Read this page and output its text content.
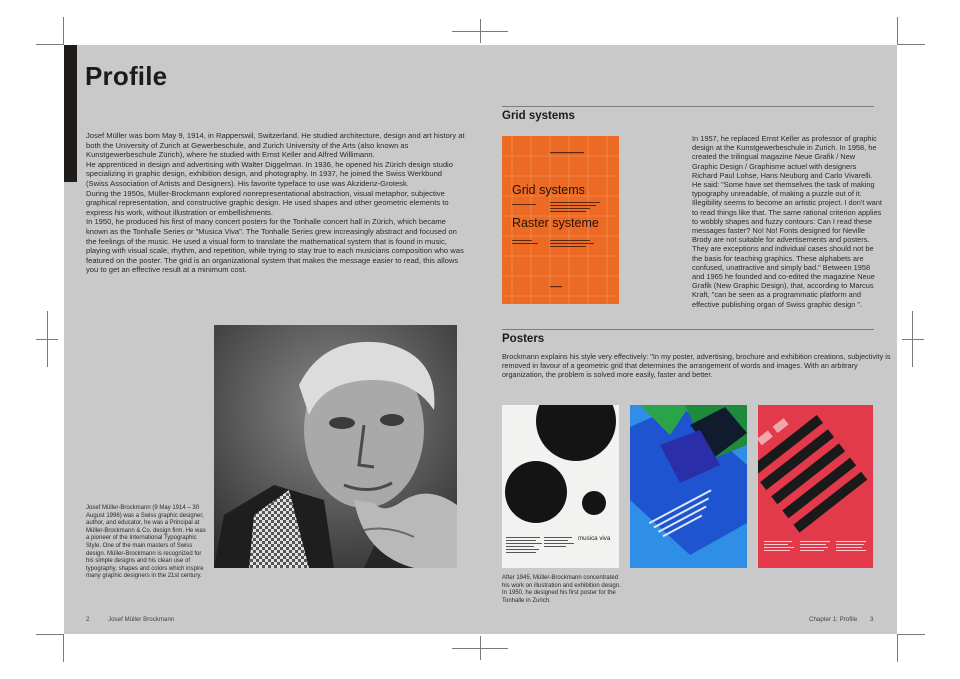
Profile

Josef Müller was born May 9, 1914, in Rapperswil, Switzerland. He studied architecture, design and art history at both the University of Zurich at Gewerbeschule, and Zurich University of the Arts (also known as Kunstgewerbeschule Zürich), where he studied with Ernst Keller and Alfred Willimann.

He apprenticed in design and advertising with Walter Diggelman. In 1936, he opened his Zürich design studio specializing in graphic design, exhibition design, and photography. In 1937, he joined the Swiss Werkbund (Swiss Association of Artists and Designers). His favorite typeface to use was Akzidenz-Grotesk.

During the 1950s, Müller-Brockmann explored nonrepresentational abstraction, visual metaphor, subjective graphical representation, and constructive graphic design. He used shapes and other geometric elements to express his work, without illustration or embellishments.

In 1950, he produced his first of many concert posters for the Tonhalle concert hall in Zürich, which became known as the Tonhalle Series or "Musica Viva". The Tonhalle Series grew increasingly abstract and focused on the feelings of the music. He used a visual form to translate the mathematical system that is found in music, playing with visual scale, rhythm, and repetition, while trying to stay true to each musicians composition who was featured on the poster. The grid is an organizational system that makes the message easier to read, this allows you to get an effective result at a minimum cost.

Josef Müller-Brockmann (9 May 1914 – 30 August 1996) was a Swiss graphic designer, author, and educator, he was a Principal at Müller-Brockmann & Co. design firm. He was a pioneer of the International Typographic Style. One of the main masters of Swiss design. Müller-Brockmann is recognized for his simple designs and his clean use of typography, shapes and colors which inspire many graphic designers in the 21st century.
Grid systems
Grid systems
Raster systeme
In 1957, he replaced Ernst Keller as professor of graphic design at the Kunstgewerbeschule in Zurich. In 1958, he created the trilingual magazine Neue Grafik / New Graphic Design / Graphisme actuel with designers Richard Paul Lohse, Hans Neuburg and Carlo Vivarelli. He said: "Some have set themselves the task of making typography unreadable, of making a puzzle out of it. Illegibility seems to become an artistic project. I don't want to read things like that. The same rational criterion applies to wobbly shapes and fuzzy contours: Can I read these messages faster? No! No! Fonts designed for Neville Brody are not suitable for advertisements and posters. They are exceptions and individual cases should not be the basis for teaching graphics. These alphabets are confused, unattractive and simply bad." Between 1958 and 1965 he founded and co-edited the magazine Neue Grafik (New Graphic Design), that, according to Marcus Kraft, "can be seen as a programmatic platform and effective publishing organ of Swiss graphic design ".
Posters
Brockmann explains his style very effectively: "In my poster, advertising, brochure and exhibition creations, subjectivity is removed in favour of a geometric grid that determines the arrangement of words and images. With an arbitrary organization, the problem is solved more easily, faster and better.
musica viva
After 1945, Müller-Brockmann concentrated his work on illustration and exhibition design. In 1950, he designed his first poster for the Tonhalle in Zurich.
2	Josef Müller Brockmann	Chapter 1: Profile 3
